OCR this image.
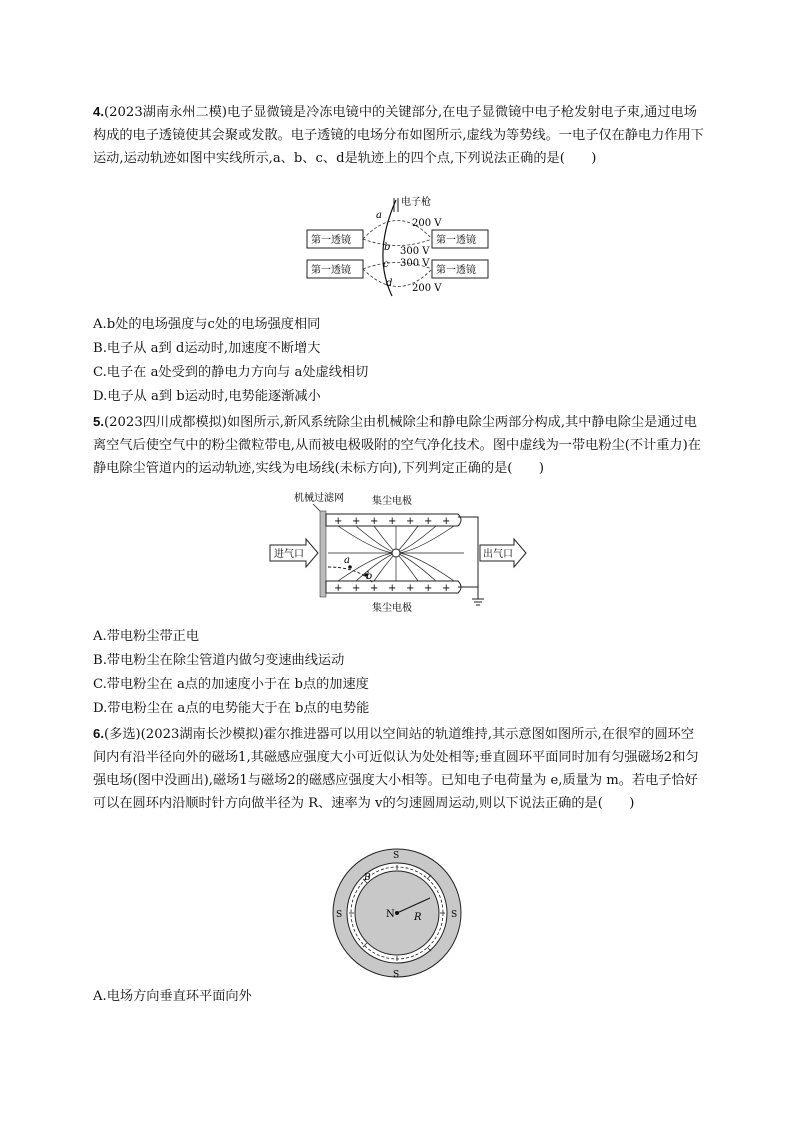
4.(2023湖南永州二模)电子显微镜是冷冻电镜中的关键部分,在电子显微镜中电子枪发射电子束,通过电场构成的电子透镜使其会聚或发散。电子透镜的电场分布如图所示,虚线为等势线。一电子仅在静电力作用下运动,运动轨迹如图中实线所示,a、b、c、d是轨迹上的四个点,下列说法正确的是(　　)

电子枪
第一透镜	第一透镜
第一透镜	第一透镜
a
b
c
d
200 V
300 V
300 V
200 V

A.b处的电场强度与c处的电场强度相同

B.电子从 a到 d运动时,加速度不断增大

C.电子在 a处受到的静电力方向与 a处虚线相切

D.电子从 a到 b运动时,电势能逐渐减小

5.(2023四川成都模拟)如图所示,新风系统除尘由机械除尘和静电除尘两部分构成,其中静电除尘是通过电离空气后使空气中的粉尘微粒带电,从而被电极吸附的空气净化技术。图中虚线为一带电粉尘(不计重力)在静电除尘管道内的运动轨迹,实线为电场线(未标方向),下列判定正确的是(　　)

机械过滤网	集尘电极
+ + + + + + +
+ + + + + + +
a
b
进气口	出气口
集尘电极

A.带电粉尘带正电

B.带电粉尘在除尘管道内做匀变速曲线运动

C.带电粉尘在 a点的加速度小于在 b点的加速度

D.带电粉尘在 a点的电势能大于在 b点的电势能

6.(多选)(2023湖南长沙模拟)霍尔推进器可以用以空间站的轨道维持,其示意图如图所示,在很窄的圆环空间内有沿半径向外的磁场1,其磁感应强度大小可近似认为处处相等;垂直圆环平面同时加有匀强磁场2和匀强电场(图中没画出),磁场1与磁场2的磁感应强度大小相等。已知电子电荷量为 e,质量为 m。若电子恰好可以在圆环内沿顺时针方向做半径为 R、速率为 v的匀速圆周运动,则以下说法正确的是(　　)

S
S
S	S
N R
B

A.电场方向垂直环平面向外
